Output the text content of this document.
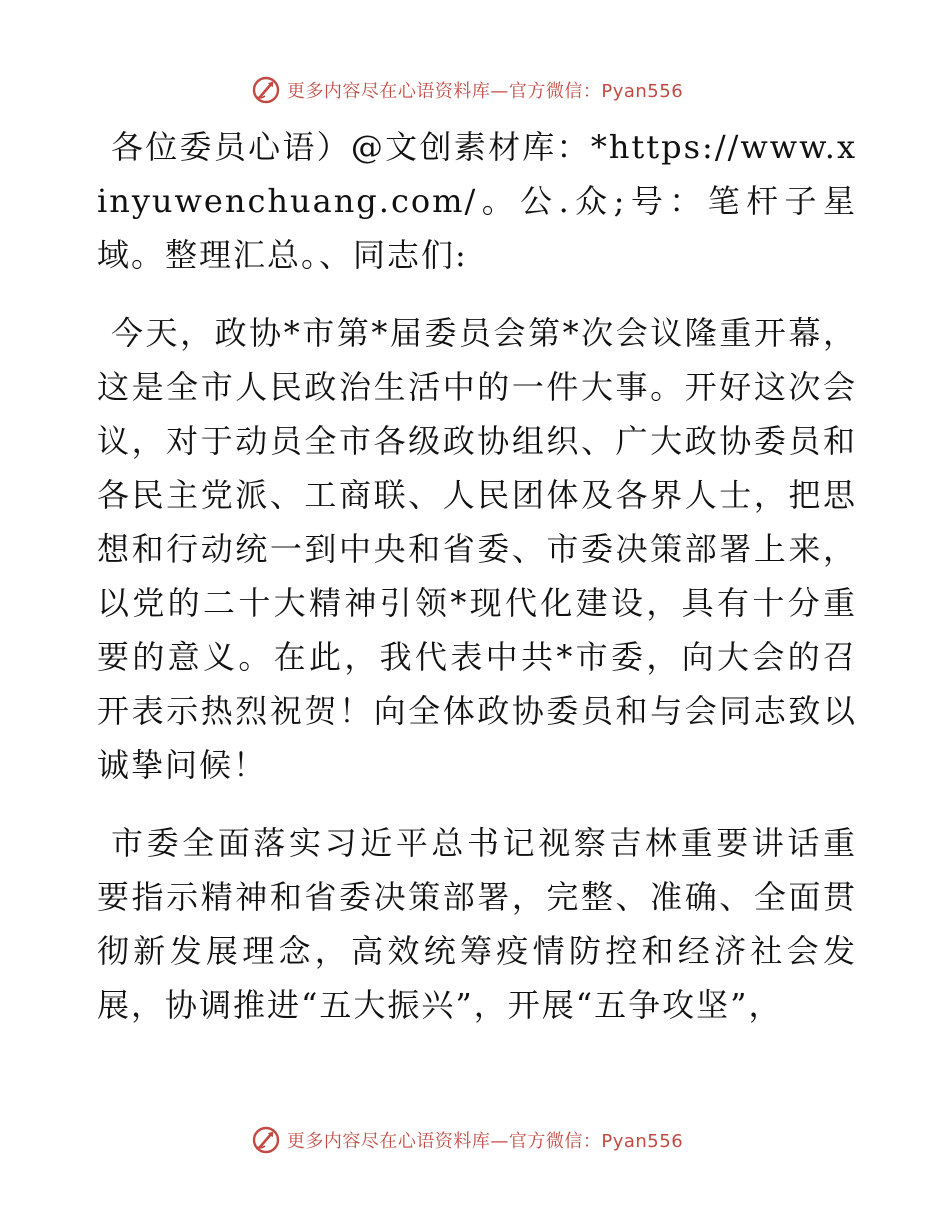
更多内容尽在心语资料库—官方微信：Pyan556

各位委员心语）@文创素材库：*https://www.xinyuwenchuang.com/。公.众;号：笔杆子星域。整理汇总。、同志们:

今天，政协*市第*届委员会第*次会议隆重开幕，这是全市人民政治生活中的一件大事。开好这次会议，对于动员全市各级政协组织、广大政协委员和各民主党派、工商联、人民团体及各界人士，把思想和行动统一到中央和省委、市委决策部署上来，以党的二十大精神引领*现代化建设，具有十分重要的意义。在此，我代表中共*市委，向大会的召开表示热烈祝贺！向全体政协委员和与会同志致以诚挚问候！

市委全面落实习近平总书记视察吉林重要讲话重要指示精神和省委决策部署，完整、准确、全面贯彻新发展理念，高效统筹疫情防控和经济社会发展，协调推进“五大振兴”，开展“五争攻坚”，

更多内容尽在心语资料库—官方微信：Pyan556
